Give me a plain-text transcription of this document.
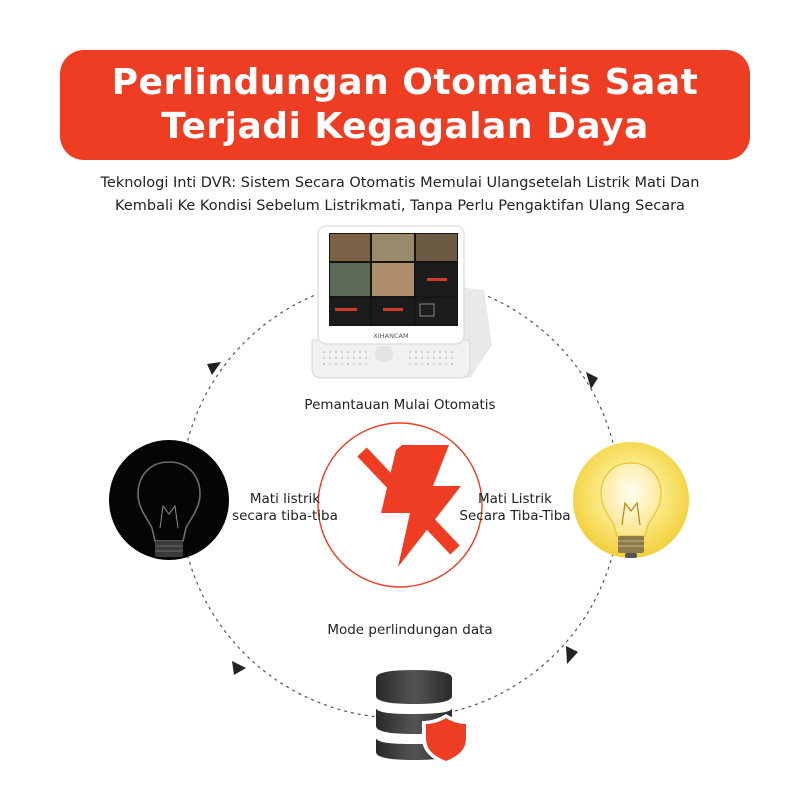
Perlindungan Otomatis Saat
Terjadi Kegagalan Daya
Teknologi Inti DVR: Sistem Secara Otomatis Memulai Ulangsetelah Listrik Mati Dan
Kembali Ke Kondisi Sebelum Listrikmati, Tanpa Perlu Pengaktifan Ulang Secara
XIHANCAM
Pemantauan Mulai Otomatis
Mati listrik
secara tiba-tiba
Mati Listrik
Secara Tiba-Tiba
Mode perlindungan data
